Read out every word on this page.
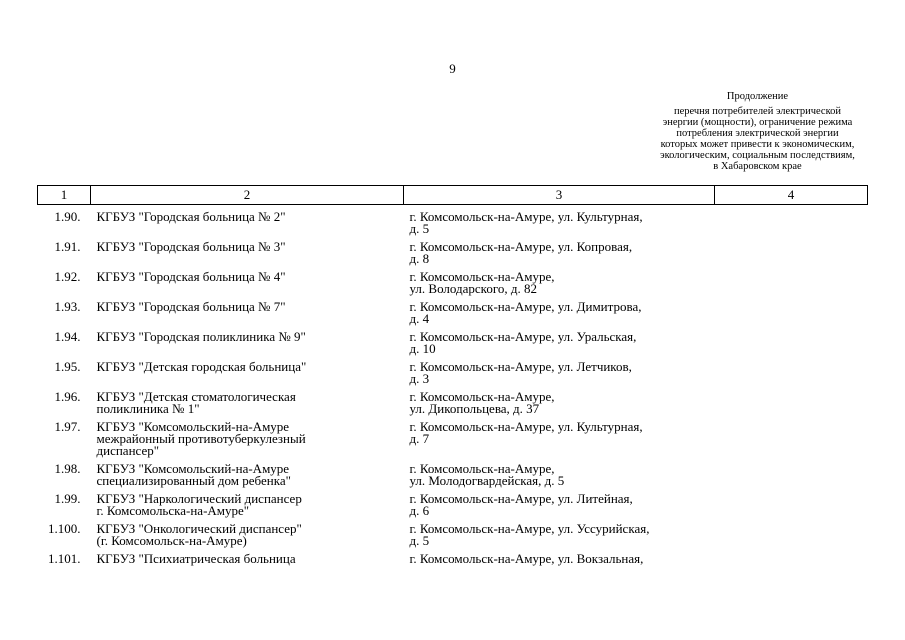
9
Продолжение
перечня потребителей электрической
энергии (мощности), ограничение режима
потребления электрической энергии
которых может привести к экономическим,
экологическим, социальным последствиям,
в Хабаровском крае
1	2	3	4

1.90.	КГБУЗ "Городская больница № 2"	г. Комсомольск-на-Амуре, ул. Культурная,
д. 5	

1.91.	КГБУЗ "Городская больница № 3"	г. Комсомольск-на-Амуре, ул. Копровая,
д. 8	

1.92.	КГБУЗ "Городская больница № 4"	г. Комсомольск-на-Амуре,
ул. Володарского, д. 82	

1.93.	КГБУЗ "Городская больница № 7"	г. Комсомольск-на-Амуре, ул. Димитрова,
д. 4	

1.94.	КГБУЗ "Городская поликлиника № 9"	г. Комсомольск-на-Амуре, ул. Уральская,
д. 10	

1.95.	КГБУЗ "Детская городская больница"	г. Комсомольск-на-Амуре, ул. Летчиков,
д. 3	

1.96.	КГБУЗ "Детская стоматологическая
поликлиника № 1"	г. Комсомольск-на-Амуре,
ул. Дикопольцева, д. 37	

1.97.	КГБУЗ "Комсомольский-на-Амуре
межрайонный противотуберкулезный
диспансер"	г. Комсомольск-на-Амуре, ул. Культурная,
д. 7	

1.98.	КГБУЗ "Комсомольский-на-Амуре
специализированный дом ребенка"	г. Комсомольск-на-Амуре,
ул. Молодогвардейская, д. 5	

1.99.	КГБУЗ "Наркологический диспансер
г. Комсомольска-на-Амуре"	г. Комсомольск-на-Амуре, ул. Литейная,
д. 6	

1.100.	КГБУЗ "Онкологический диспансер"
(г. Комсомольск-на-Амуре)	г. Комсомольск-на-Амуре, ул. Уссурийская,
д. 5	

1.101.	КГБУЗ "Психиатрическая больница	г. Комсомольск-на-Амуре, ул. Вокзальная,	
